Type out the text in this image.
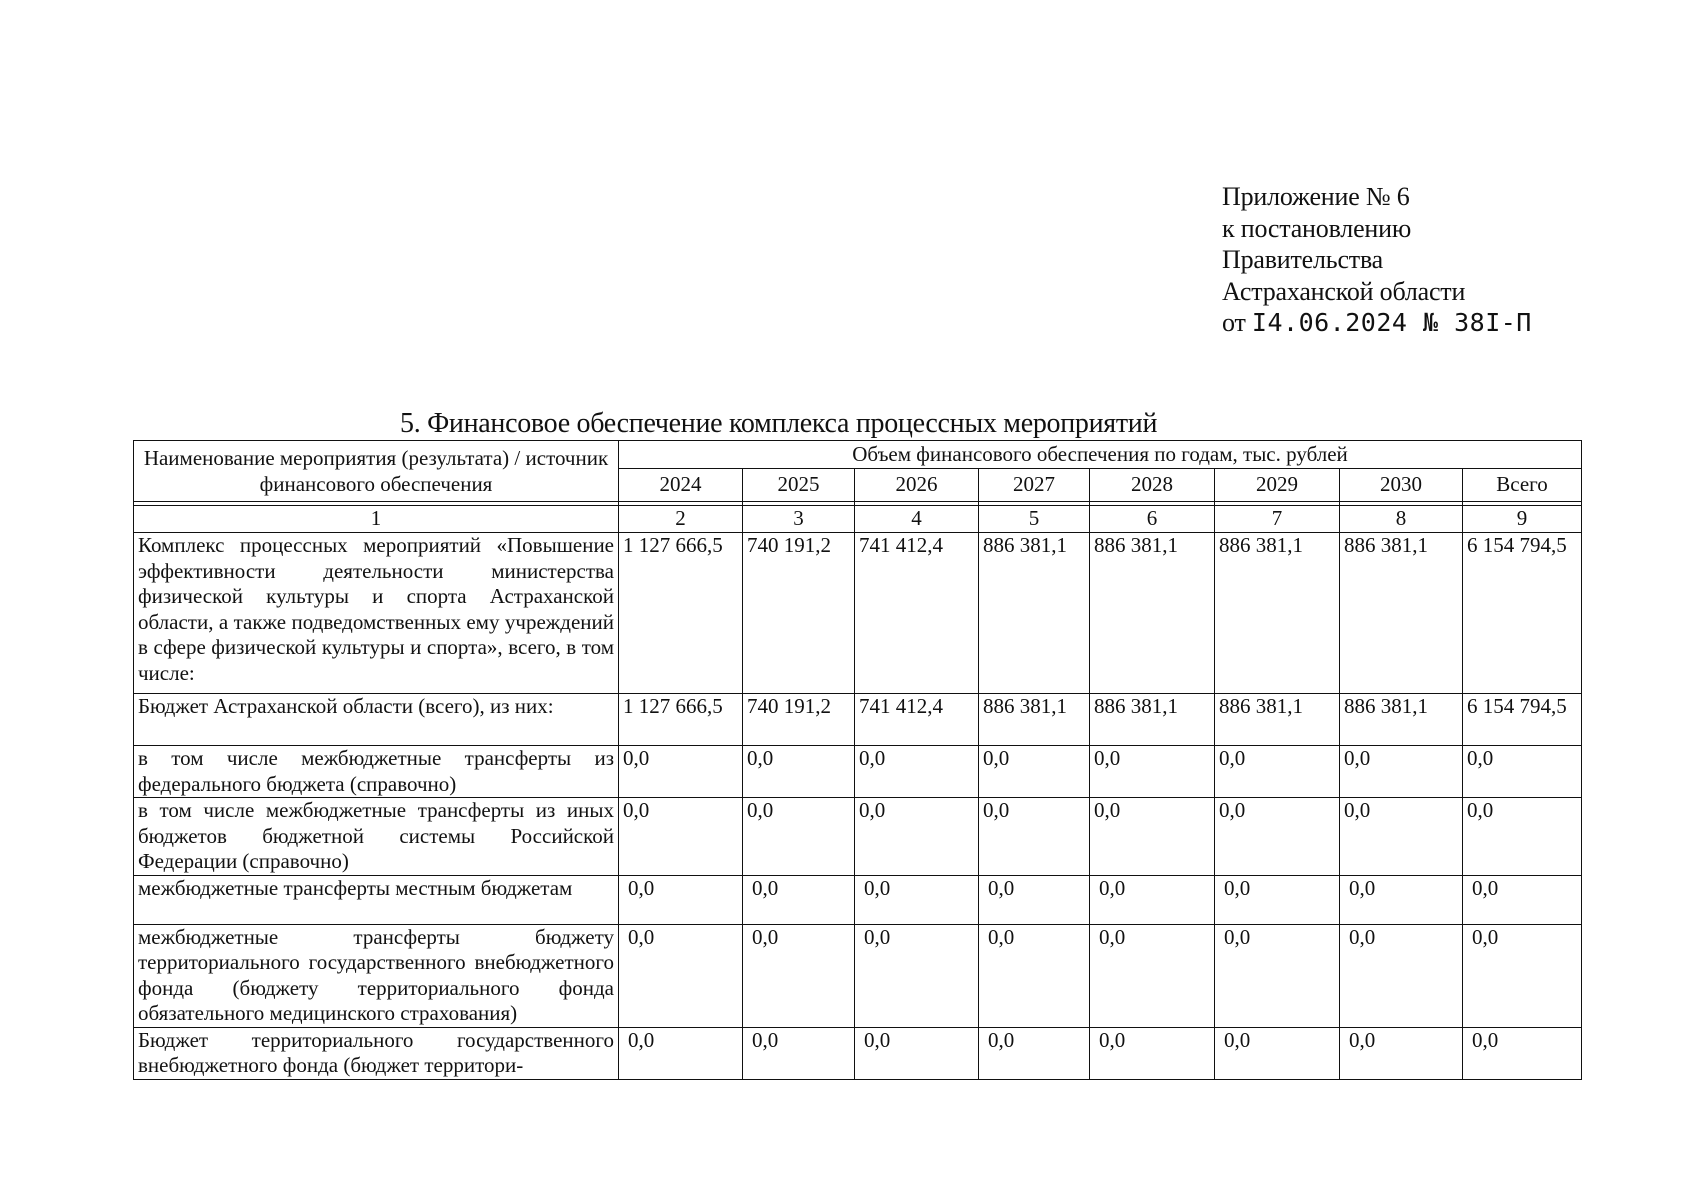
Приложение № 6
к постановлению
Правительства
Астраханской области
от I4.06.2024 № 38I-П
5. Финансовое обеспечение комплекса процессных мероприятий
Наименование мероприятия (результата) / источник финансового обеспечения	Объем финансового обеспечения по годам, тыс. рублей							
	2024	2025	2026	2027	2028	2029	2030	Всего

1	2	3	4	5	6	7	8	9
Комплекс процессных мероприятий «Повышение эффективности деятельности министерства физической культуры и спорта Астраханской области, а также подведомственных ему учреждений в сфере физической культуры и спорта», всего, в том числе:	1 127 666,5	740 191,2	741 412,4	886 381,1	886 381,1	886 381,1	886 381,1	6 154 794,5
Бюджет Астраханской области (всего), из них:	1 127 666,5	740 191,2	741 412,4	886 381,1	886 381,1	886 381,1	886 381,1	6 154 794,5
в том числе межбюджетные трансферты из федерального бюджета (справочно)	0,0	0,0	0,0	0,0	0,0	0,0	0,0	0,0
в том числе межбюджетные трансферты из иных бюджетов бюджетной системы Российской Федерации (справочно)	0,0	0,0	0,0	0,0	0,0	0,0	0,0	0,0
межбюджетные трансферты местным бюджетам	0,0	0,0	0,0	0,0	0,0	0,0	0,0	0,0
межбюджетные трансферты бюджету территориального государственного внебюджетного фонда (бюджету территориального фонда обязательного медицинского страхования)	0,0	0,0	0,0	0,0	0,0	0,0	0,0	0,0
Бюджет территориального государственного внебюджетного фонда (бюджет территори-	0,0	0,0	0,0	0,0	0,0	0,0	0,0	0,0
